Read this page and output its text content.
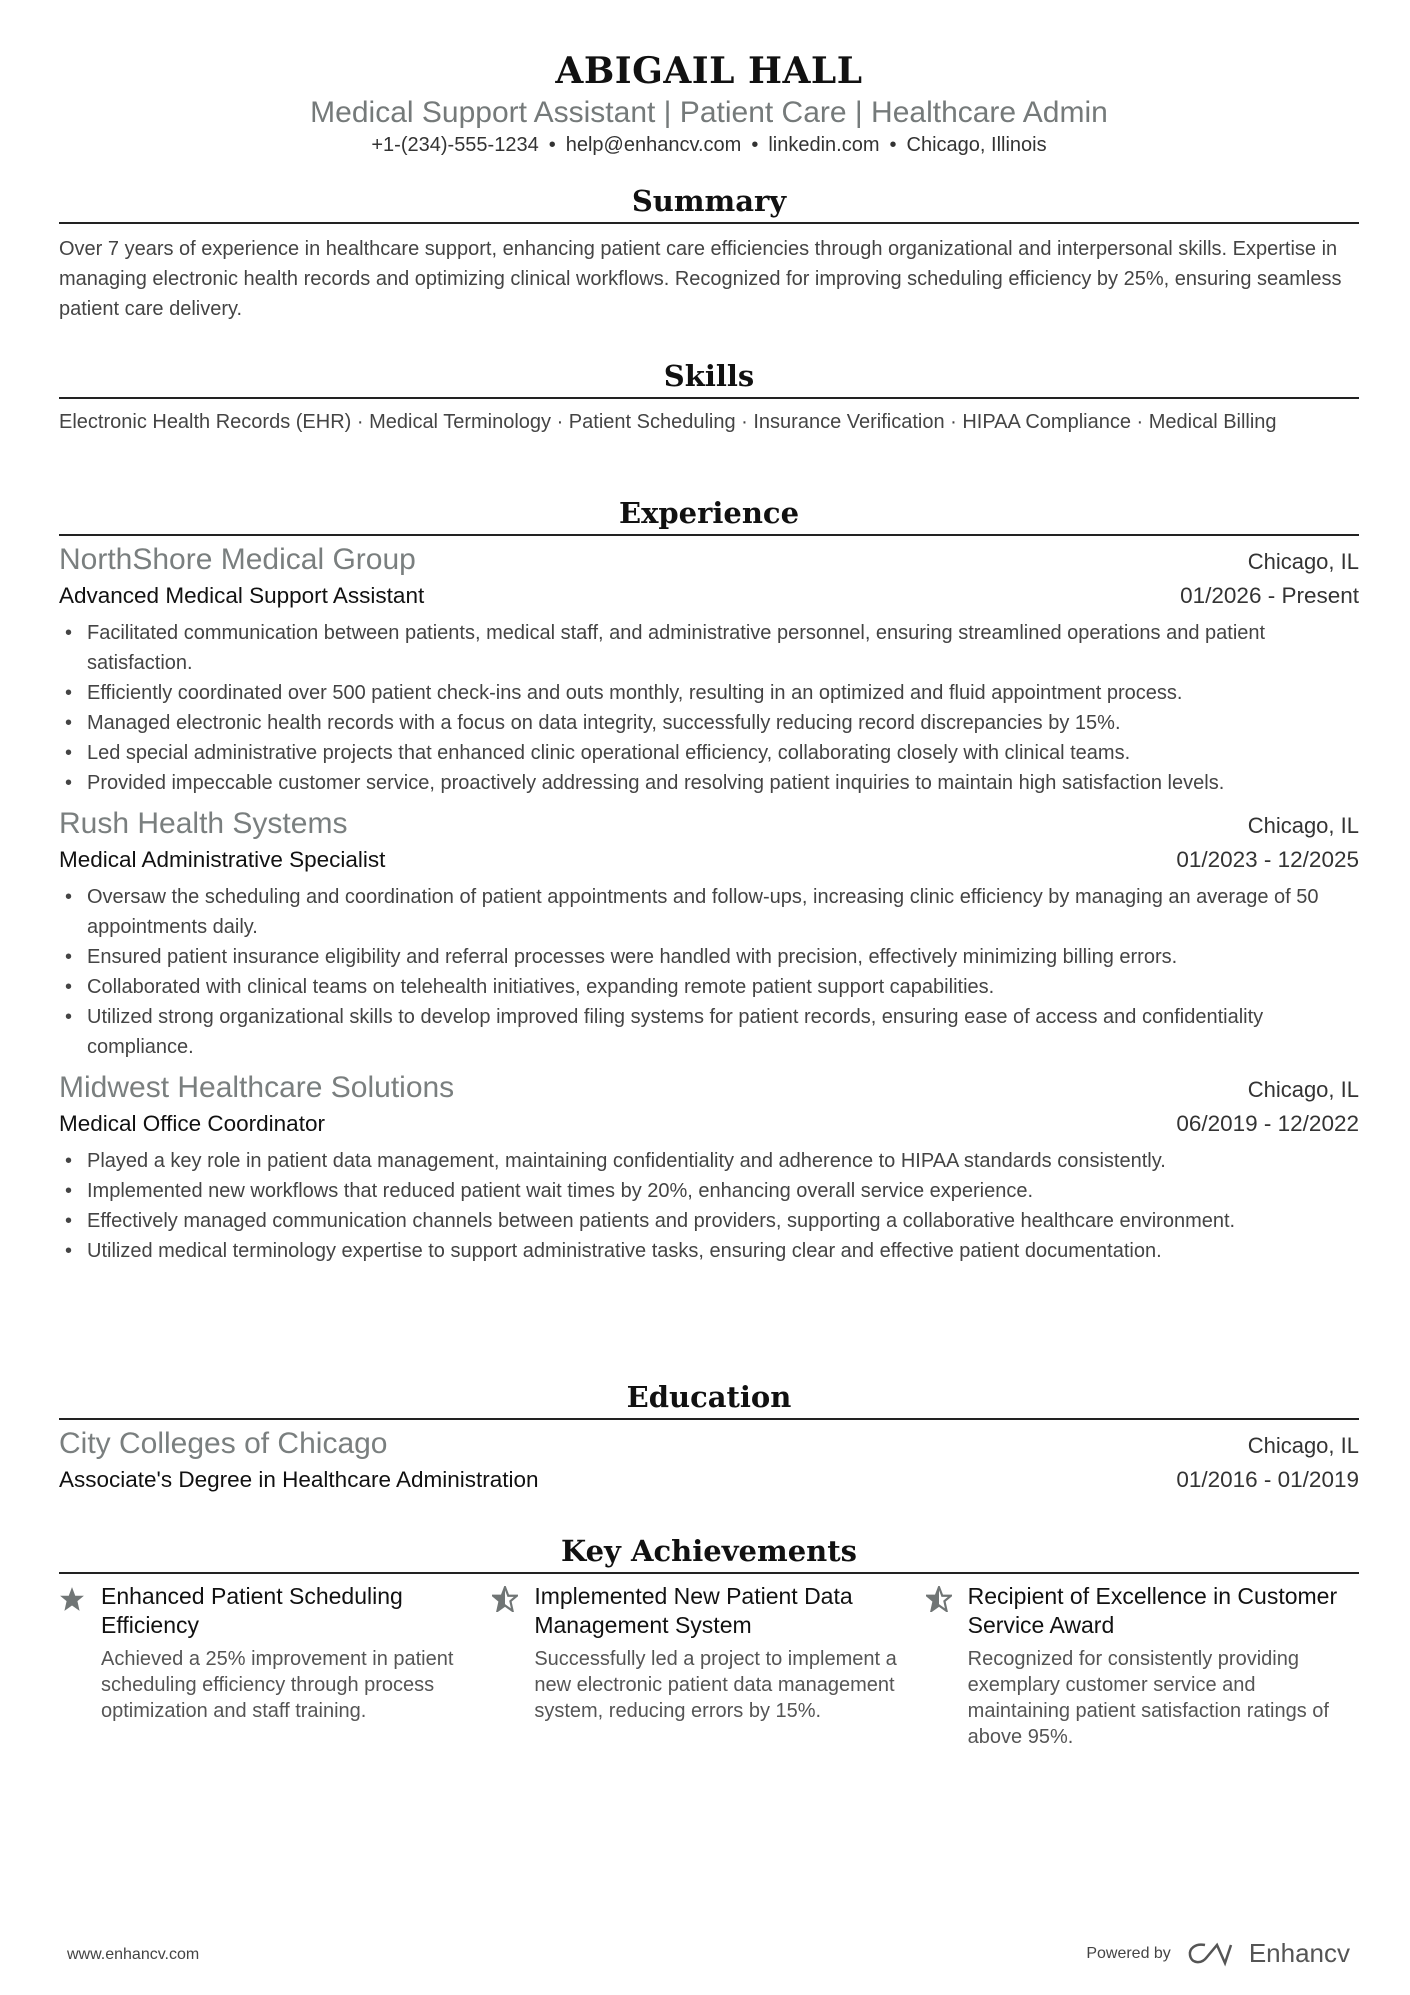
ABIGAIL HALL
Medical Support Assistant | Patient Care | Healthcare Admin
+1-(234)-555-1234 • help@enhancv.com • linkedin.com • Chicago, Illinois
Summary
Over 7 years of experience in healthcare support, enhancing patient care efficiencies through organizational and interpersonal skills. Expertise in managing electronic health records and optimizing clinical workflows. Recognized for improving scheduling efficiency by 25%, ensuring seamless patient care delivery.
Skills
Electronic Health Records (EHR) · Medical Terminology · Patient Scheduling · Insurance Verification · HIPAA Compliance · Medical Billing
Experience
NorthShore Medical Group	Chicago, IL
Advanced Medical Support Assistant	01/2026 - Present
• Facilitated communication between patients, medical staff, and administrative personnel, ensuring streamlined operations and patient satisfaction.
• Efficiently coordinated over 500 patient check-ins and outs monthly, resulting in an optimized and fluid appointment process.
• Managed electronic health records with a focus on data integrity, successfully reducing record discrepancies by 15%.
• Led special administrative projects that enhanced clinic operational efficiency, collaborating closely with clinical teams.
• Provided impeccable customer service, proactively addressing and resolving patient inquiries to maintain high satisfaction levels.
Rush Health Systems	Chicago, IL
Medical Administrative Specialist	01/2023 - 12/2025
• Oversaw the scheduling and coordination of patient appointments and follow-ups, increasing clinic efficiency by managing an average of 50 appointments daily.
• Ensured patient insurance eligibility and referral processes were handled with precision, effectively minimizing billing errors.
• Collaborated with clinical teams on telehealth initiatives, expanding remote patient support capabilities.
• Utilized strong organizational skills to develop improved filing systems for patient records, ensuring ease of access and confidentiality compliance.
Midwest Healthcare Solutions	Chicago, IL
Medical Office Coordinator	06/2019 - 12/2022
• Played a key role in patient data management, maintaining confidentiality and adherence to HIPAA standards consistently.
• Implemented new workflows that reduced patient wait times by 20%, enhancing overall service experience.
• Effectively managed communication channels between patients and providers, supporting a collaborative healthcare environment.
• Utilized medical terminology expertise to support administrative tasks, ensuring clear and effective patient documentation.
Education
City Colleges of Chicago	Chicago, IL
Associate's Degree in Healthcare Administration	01/2016 - 01/2019
Key Achievements
Enhanced Patient Scheduling Efficiency
Achieved a 25% improvement in patient scheduling efficiency through process optimization and staff training.
Implemented New Patient Data Management System
Successfully led a project to implement a new electronic patient data management system, reducing errors by 15%.
Recipient of Excellence in Customer Service Award
Recognized for consistently providing exemplary customer service and maintaining patient satisfaction ratings of above 95%.
www.enhancv.com	Powered by	Enhancv
